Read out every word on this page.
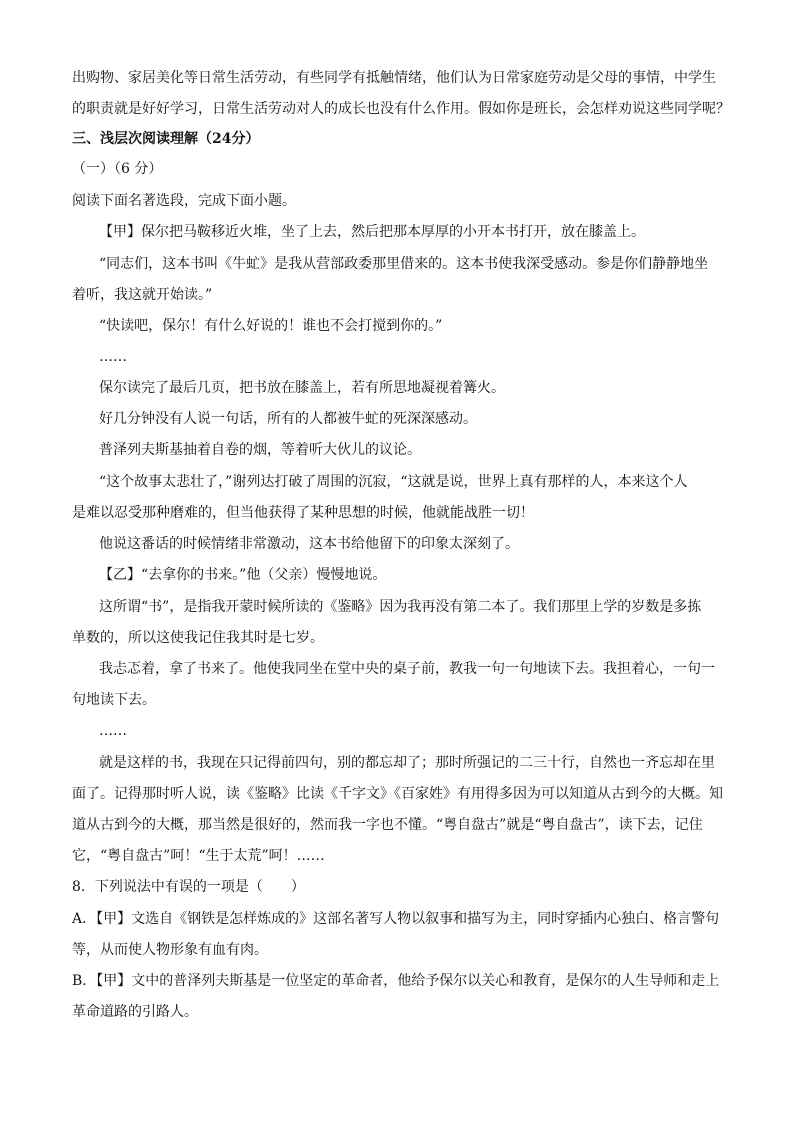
出购物、家居美化等日常生活劳动，有些同学有抵触情绪，他们认为日常家庭劳动是父母的事情，中学生
的职责就是好好学习，日常生活劳动对人的成长也没有什么作用。假如你是班长，会怎样劝说这些同学呢？
三、浅层次阅读理解（24分）
（一）（6 分）
阅读下面名著选段，完成下面小题。
【甲】保尔把马鞍移近火堆，坐了上去，然后把那本厚厚的小开本书打开，放在膝盖上。
“同志们，这本书叫《牛虻》是我从营部政委那里借来的。这本书使我深受感动。参是你们静静地坐
着听，我这就开始读。”
“快读吧，保尔！有什么好说的！谁也不会打搅到你的。”
……
保尔读完了最后几页，把书放在膝盖上，若有所思地凝视着篝火。
好几分钟没有人说一句话，所有的人都被牛虻的死深深感动。
普泽列夫斯基抽着自卷的烟，等着听大伙儿的议论。
“这个故事太悲壮了，”谢列达打破了周围的沉寂，“这就是说，世界上真有那样的人，本来这个人
是难以忍受那种磨难的，但当他获得了某种思想的时候，他就能战胜一切！
他说这番话的时候情绪非常激动，这本书给他留下的印象太深刻了。
【乙】“去拿你的书来。”他（父亲）慢慢地说。
这所谓“书”，是指我开蒙时候所读的《鉴略》因为我再没有第二本了。我们那里上学的岁数是多拣
单数的，所以这使我记住我其时是七岁。
我忐忑着，拿了书来了。他使我同坐在堂中央的桌子前，教我一句一句地读下去。我担着心，一句一
句地读下去。
……
就是这样的书，我现在只记得前四句，别的都忘却了；那时所强记的二三十行，自然也一齐忘却在里
面了。记得那时听人说，读《鉴略》比读《千字文》《百家姓》有用得多因为可以知道从古到今的大概。知
道从古到今的大概，那当然是很好的，然而我一字也不懂。“粤自盘古”就是“粤自盘古”，读下去，记住
它，“粤自盘古”呵！“生于太荒”呵！……
8．下列说法中有误的一项是（　　）
A．【甲】文选自《钢铁是怎样炼成的》这部名著写人物以叙事和描写为主，同时穿插内心独白、格言警句
等，从而使人物形象有血有肉。
B．【甲】文中的普泽列夫斯基是一位坚定的革命者，他给予保尔以关心和教育，是保尔的人生导师和走上
革命道路的引路人。
